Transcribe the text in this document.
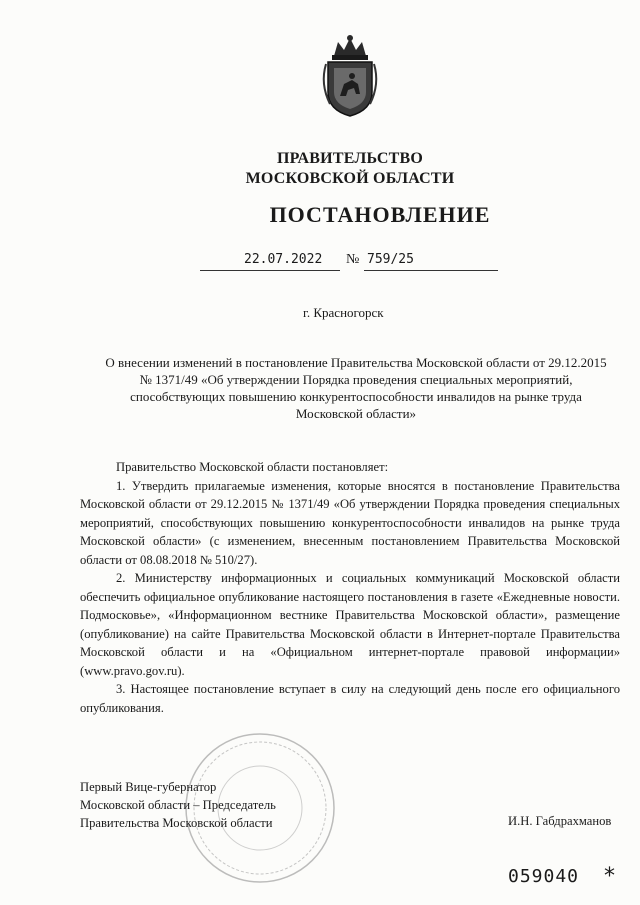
ПРАВИТЕЛЬСТВО
МОСКОВСКОЙ ОБЛАСТИ
ПОСТАНОВЛЕНИЕ
22.07.2022 № 759/25
г. Красногорск
О внесении изменений в постановление Правительства Московской области от 29.12.2015
№ 1371/49 «Об утверждении Порядка проведения специальных мероприятий,
способствующих повышению конкурентоспособности инвалидов на рынке труда
Московской области»

Правительство Московской области постановляет:

1. Утвердить прилагаемые изменения, которые вносятся в постановление Правительства Московской области от 29.12.2015 № 1371/49 «Об утверждении Порядка проведения специальных мероприятий, способствующих повышению конкурентоспособности инвалидов на рынке труда Московской области» (с изменением, внесенным постановлением Правительства Московской области от 08.08.2018 № 510/27).

2. Министерству информационных и социальных коммуникаций Московской области обеспечить официальное опубликование настоящего постановления в газете «Ежедневные новости. Подмосковье», «Информационном вестнике Правительства Московской области», размещение (опубликование) на сайте Правительства Московской области в Интернет-портале Правительства Московской области и на «Официальном интернет-портале правовой информации» (www.pravo.gov.ru).

3. Настоящее постановление вступает в силу на следующий день после его официального опубликования.

Первый Вице-губернатор
Московской области – Председатель
Правительства Московской области	И.Н. Габдрахманов
059040 *
